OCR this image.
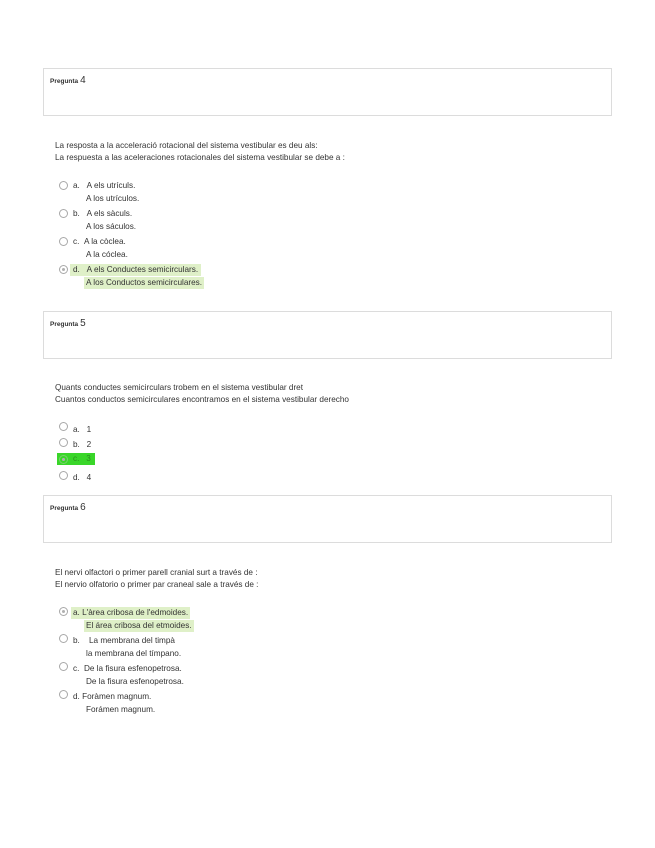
Pregunta 4
La resposta a la acceleració rotacional del sistema vestibular es deu als:
La respuesta a las aceleraciones rotacionales del sistema vestibular se debe a :
a. A els utrículs.
A los utrículos.
b. A els sàculs.
A los sáculos.
c. A la còclea.
A la cóclea.
d. A els Conductes semicirculars.
A los Conductos semicirculares.
Pregunta 5
Quants conductes semicirculars trobem en el sistema vestibular dret
Cuantos conductos semicirculares encontramos en el sistema vestibular derecho
a. 1
b. 2
c. 3
d. 4
Pregunta 6
El nervi olfactori o primer parell cranial surt a través de :
El nervio olfatorio o primer par craneal sale a través de :
a. L'àrea cribosa de l'edmoides.
El área cribosa del etmoides.
b. La membrana del timpà
la membrana del tímpano.
c. De la fisura esfenopetrosa.
De la fisura esfenopetrosa.
d. Foràmen magnum.
Forámen magnum.
